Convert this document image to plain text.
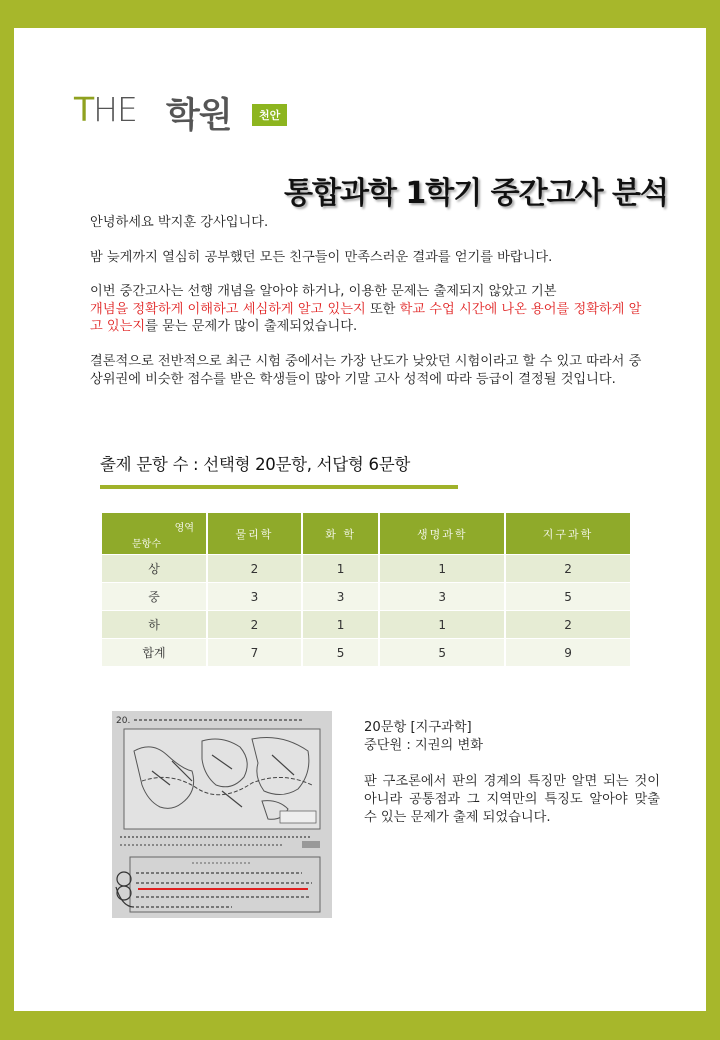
THE 학원	천안
통합과학 1학기 중간고사 분석

안녕하세요 박지훈 강사입니다.

밤 늦게까지 열심히 공부했던 모든 친구들이 만족스러운 결과를 얻기를 바랍니다.

이번 중간고사는 선행 개념을 알아야 하거나, 이용한 문제는 출제되지 않았고 기본
개념을 정확하게 이해하고 세심하게 알고 있는지 또한 학교 수업 시간에 나온 용어를 정확하게 알고 있는지를 묻는 문제가 많이 출제되었습니다.

결론적으로 전반적으로 최근 시험 중에서는 가장 난도가 낮았던 시험이라고 할 수 있고 따라서 중상위권에 비슷한 점수를 받은 학생들이 많아 기말 고사 성적에 따라 등급이 결정될 것입니다.

출제 문항 수 : 선택형 20문항, 서답형 6문항
영역
문항수	물리학	화 학	생명과학	지구과학
상	2	1	1	2
중	3	3	3	5
하	2	1	1	2
합계	7	5	5	9
20.	20문항 [지구과학]

중단원 : 지권의 변화

판 구조론에서 판의 경계의 특징만 알면 되는 것이 아니라 공통점과 그 지역만의 특징도 알아야 맞출 수 있는 문제가 출제 되었습니다.
